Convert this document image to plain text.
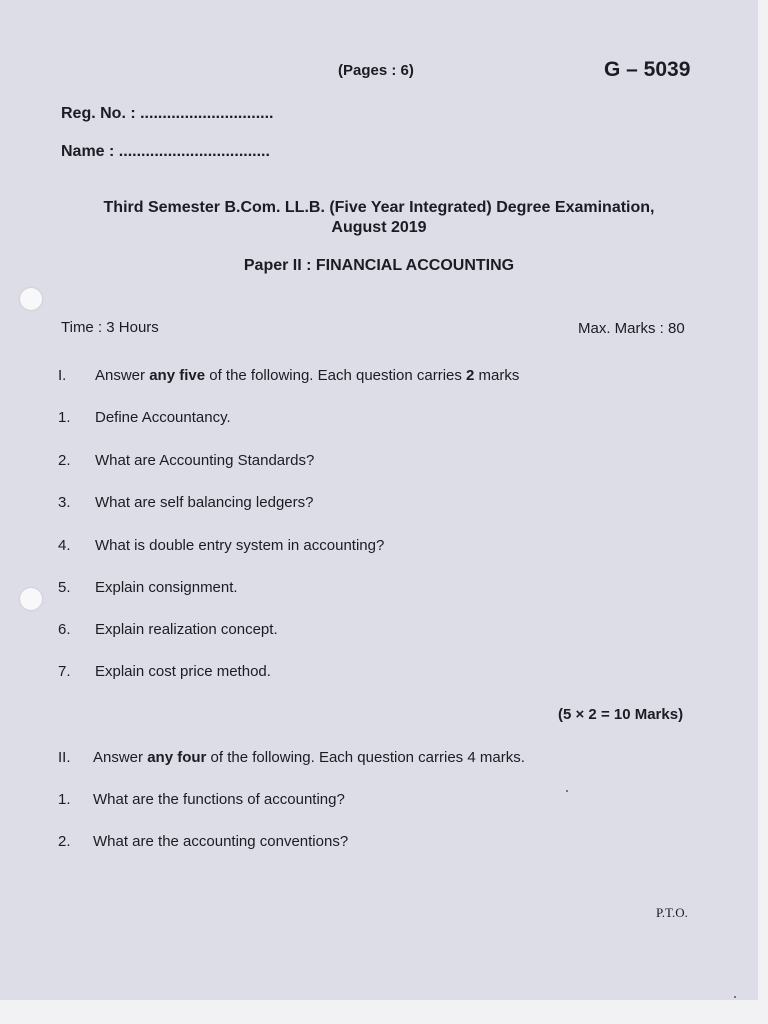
(Pages : 6)	G – 5039
Reg. No. : ..............................
Name : ..................................
Third Semester B.Com. LL.B. (Five Year Integrated) Degree Examination,
August 2019
Paper II : FINANCIAL ACCOUNTING
Time : 3 Hours	Max. Marks : 80
I. Answer any five of the following. Each question carries 2 marks
1. Define Accountancy.
2. What are Accounting Standards?
3. What are self balancing ledgers?
4. What is double entry system in accounting?
5. Explain consignment.
6. Explain realization concept.
7. Explain cost price method.
(5 × 2 = 10 Marks)
II. Answer any four of the following. Each question carries 4 marks.
1. What are the functions of accounting?
2. What are the accounting conventions?
P.T.O.
